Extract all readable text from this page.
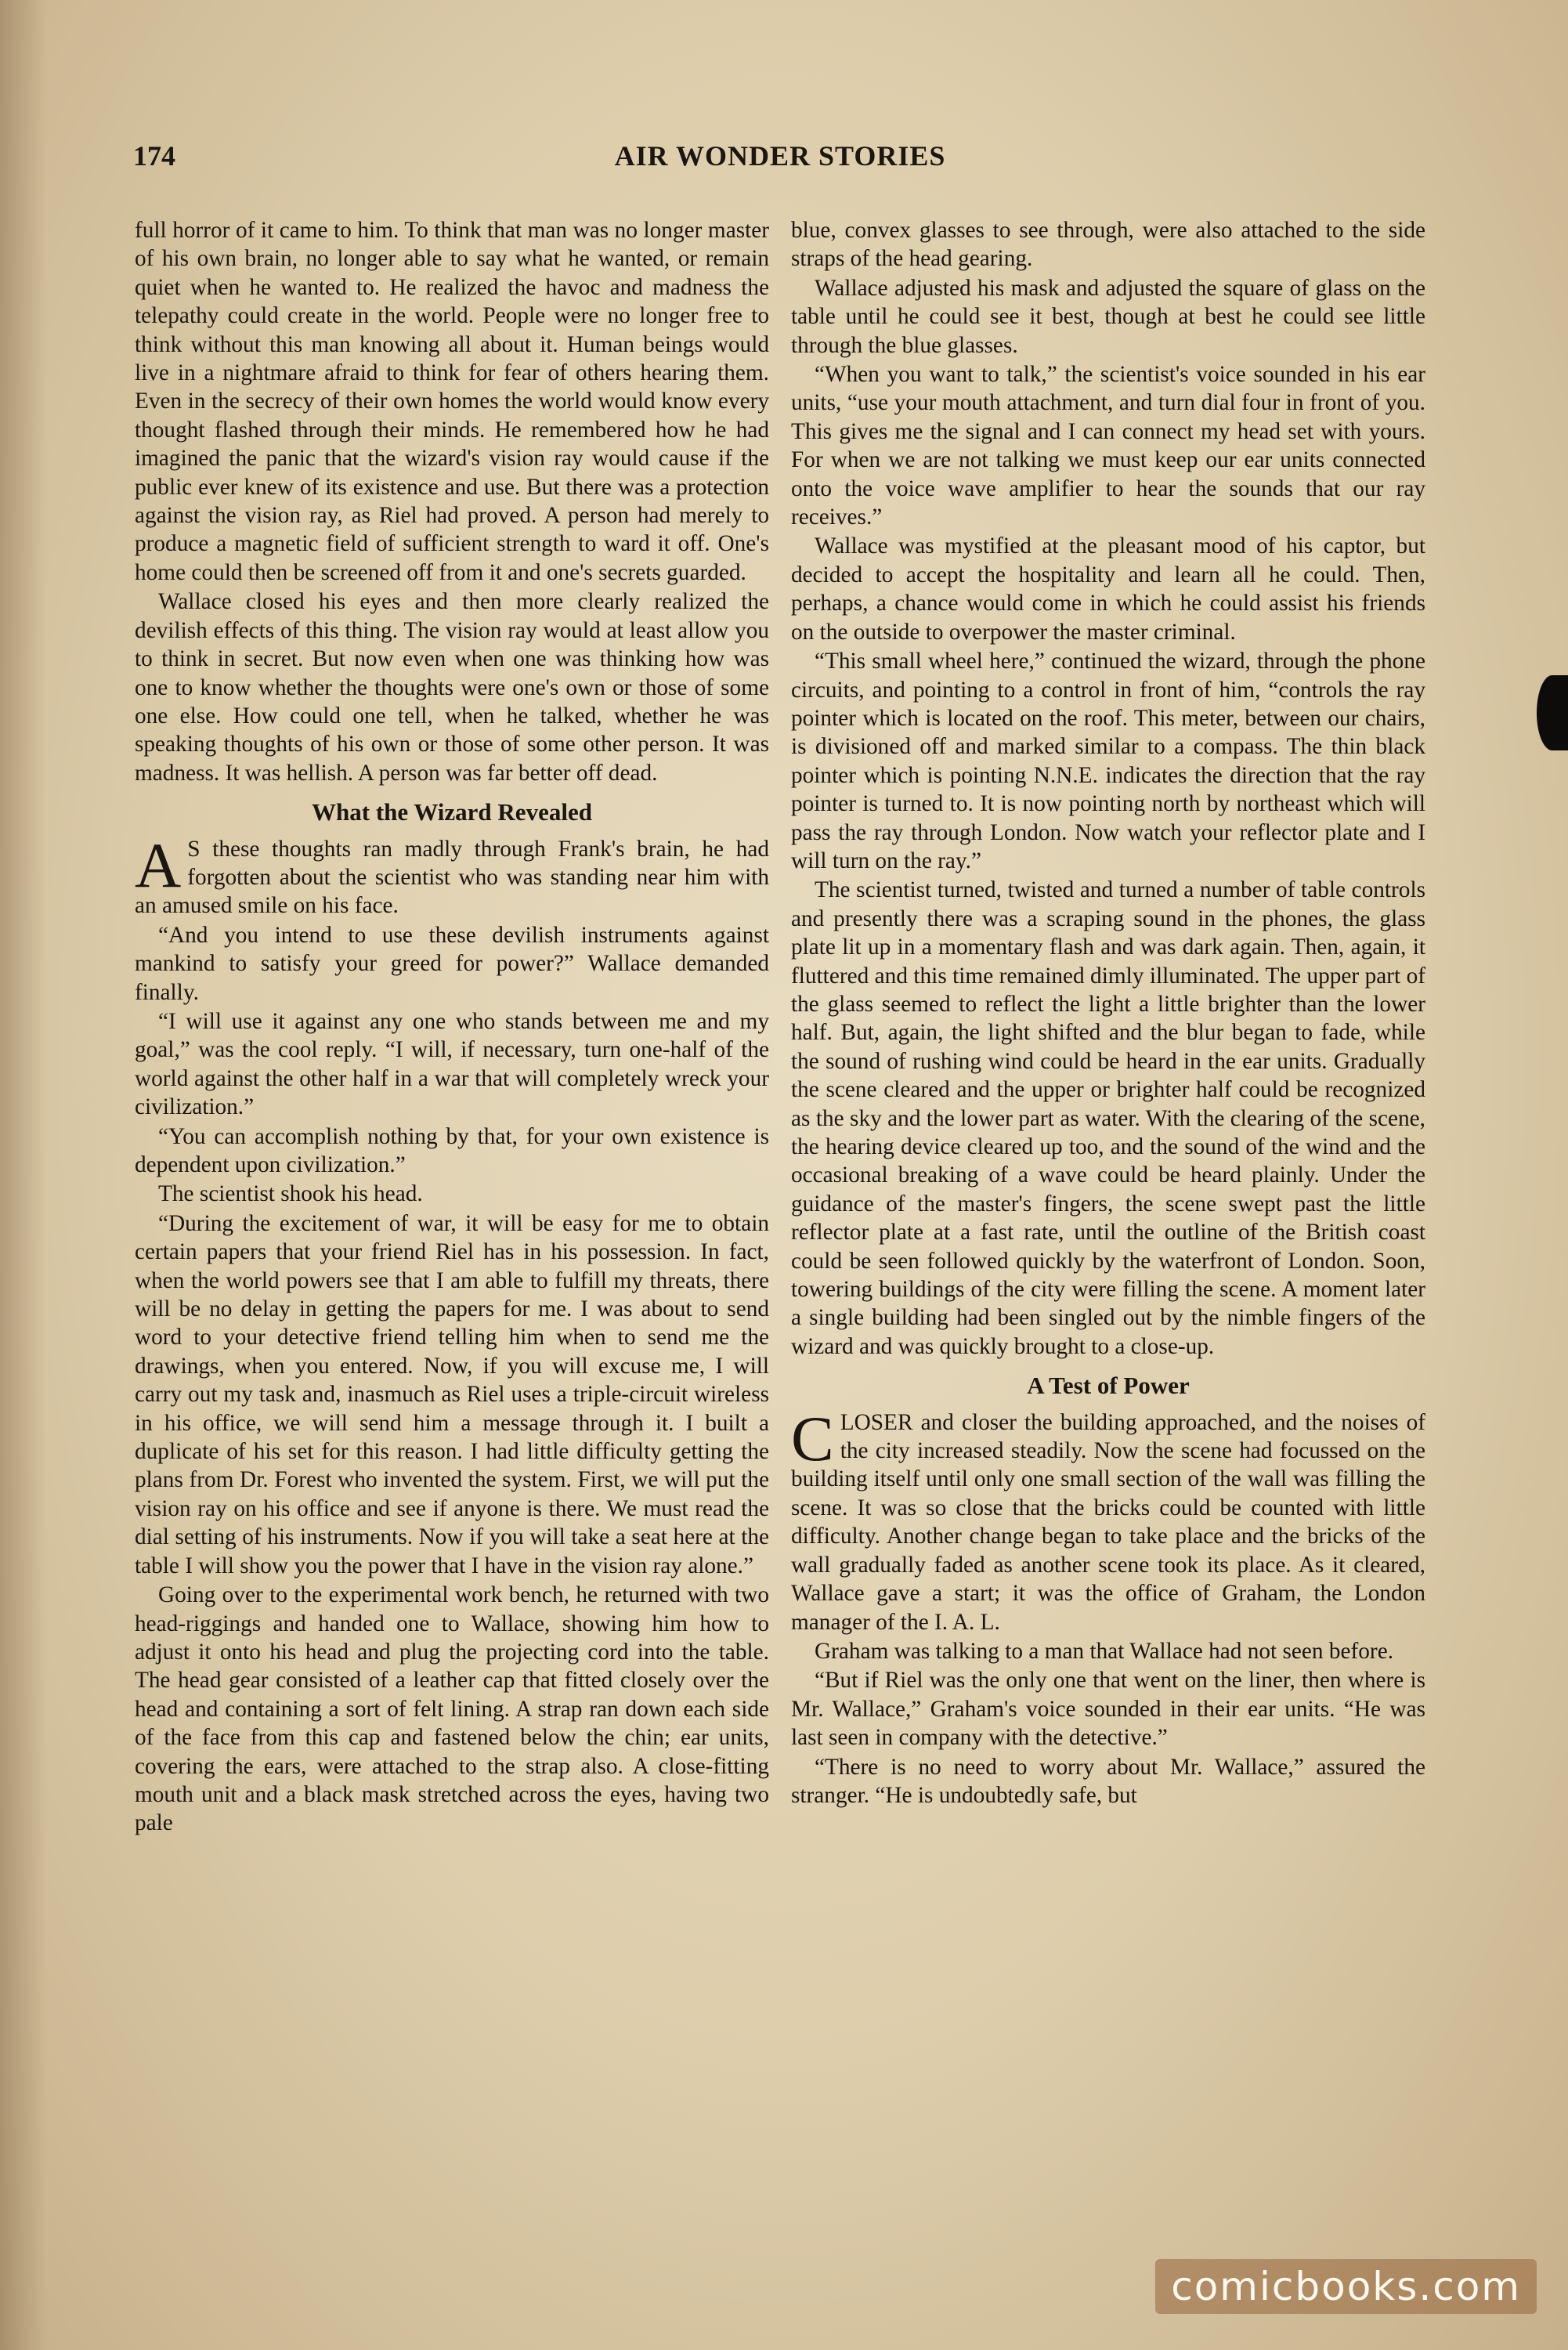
174	AIR WONDER STORIES

full horror of it came to him. To think that man was no longer master of his own brain, no longer able to say what he wanted, or remain quiet when he wanted to. He realized the havoc and madness the telepathy could create in the world. People were no longer free to think without this man knowing all about it. Human beings would live in a nightmare afraid to think for fear of others hearing them. Even in the secrecy of their own homes the world would know every thought flashed through their minds. He remembered how he had imagined the panic that the wizard's vision ray would cause if the public ever knew of its existence and use. But there was a protection against the vision ray, as Riel had proved. A person had merely to produce a magnetic field of sufficient strength to ward it off. One's home could then be screened off from it and one's secrets guarded.

Wallace closed his eyes and then more clearly realized the devilish effects of this thing. The vision ray would at least allow you to think in secret. But now even when one was thinking how was one to know whether the thoughts were one's own or those of some one else. How could one tell, when he talked, whether he was speaking thoughts of his own or those of some other person. It was madness. It was hellish. A person was far better off dead.

What the Wizard Revealed

A S these thoughts ran madly through Frank's brain, he had forgotten about the scientist who was standing near him with an amused smile on his face.

“And you intend to use these devilish instruments against mankind to satisfy your greed for power?” Wallace demanded finally.

“I will use it against any one who stands between me and my goal,” was the cool reply. “I will, if necessary, turn one-half of the world against the other half in a war that will completely wreck your civilization.”

“You can accomplish nothing by that, for your own existence is dependent upon civilization.”

The scientist shook his head.

“During the excitement of war, it will be easy for me to obtain certain papers that your friend Riel has in his possession. In fact, when the world powers see that I am able to fulfill my threats, there will be no delay in getting the papers for me. I was about to send word to your detective friend telling him when to send me the drawings, when you entered. Now, if you will excuse me, I will carry out my task and, inasmuch as Riel uses a triple-circuit wireless in his office, we will send him a message through it. I built a duplicate of his set for this reason. I had little difficulty getting the plans from Dr. Forest who invented the system. First, we will put the vision ray on his office and see if anyone is there. We must read the dial setting of his instruments. Now if you will take a seat here at the table I will show you the power that I have in the vision ray alone.”

Going over to the experimental work bench, he returned with two head-riggings and handed one to Wallace, showing him how to adjust it onto his head and plug the projecting cord into the table. The head gear consisted of a leather cap that fitted closely over the head and containing a sort of felt lining. A strap ran down each side of the face from this cap and fastened below the chin; ear units, covering the ears, were attached to the strap also. A close-fitting mouth unit and a black mask stretched across the eyes, having two pale

blue, convex glasses to see through, were also attached to the side straps of the head gearing.

Wallace adjusted his mask and adjusted the square of glass on the table until he could see it best, though at best he could see little through the blue glasses.

“When you want to talk,” the scientist's voice sounded in his ear units, “use your mouth attachment, and turn dial four in front of you. This gives me the signal and I can connect my head set with yours. For when we are not talking we must keep our ear units connected onto the voice wave amplifier to hear the sounds that our ray receives.”

Wallace was mystified at the pleasant mood of his captor, but decided to accept the hospitality and learn all he could. Then, perhaps, a chance would come in which he could assist his friends on the outside to overpower the master criminal.

“This small wheel here,” continued the wizard, through the phone circuits, and pointing to a control in front of him, “controls the ray pointer which is located on the roof. This meter, between our chairs, is divisioned off and marked similar to a compass. The thin black pointer which is pointing N.N.E. indicates the direction that the ray pointer is turned to. It is now pointing north by northeast which will pass the ray through London. Now watch your reflector plate and I will turn on the ray.”

The scientist turned, twisted and turned a number of table controls and presently there was a scraping sound in the phones, the glass plate lit up in a momentary flash and was dark again. Then, again, it fluttered and this time remained dimly illuminated. The upper part of the glass seemed to reflect the light a little brighter than the lower half. But, again, the light shifted and the blur began to fade, while the sound of rushing wind could be heard in the ear units. Gradually the scene cleared and the upper or brighter half could be recognized as the sky and the lower part as water. With the clearing of the scene, the hearing device cleared up too, and the sound of the wind and the occasional breaking of a wave could be heard plainly. Under the guidance of the master's fingers, the scene swept past the little reflector plate at a fast rate, until the outline of the British coast could be seen followed quickly by the waterfront of London. Soon, towering buildings of the city were filling the scene. A moment later a single building had been singled out by the nimble fingers of the wizard and was quickly brought to a close-up.

A Test of Power

CLOSER and closer the building approached, and the noises of the city increased steadily. Now the scene had focussed on the building itself until only one small section of the wall was filling the scene. It was so close that the bricks could be counted with little difficulty. Another change began to take place and the bricks of the wall gradually faded as another scene took its place. As it cleared, Wallace gave a start; it was the office of Graham, the London manager of the I. A. L.

Graham was talking to a man that Wallace had not seen before.

“But if Riel was the only one that went on the liner, then where is Mr. Wallace,” Graham's voice sounded in their ear units. “He was last seen in company with the detective.”

“There is no need to worry about Mr. Wallace,” assured the stranger. “He is undoubtedly safe, but

comicbooks.com
